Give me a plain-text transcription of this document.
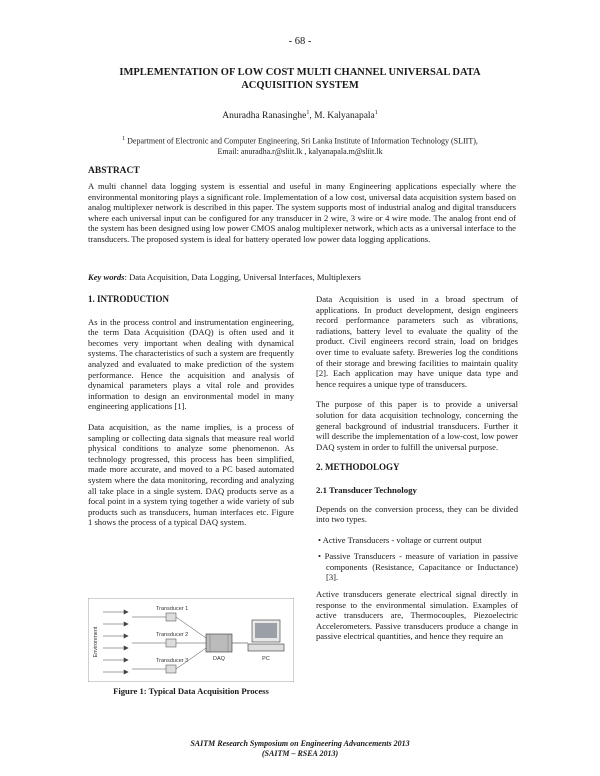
- 68 -
IMPLEMENTATION OF LOW COST MULTI CHANNEL UNIVERSAL DATA
ACQUISITION SYSTEM
Anuradha Ranasinghe$^1$, M. Kalyanapala$^1$
$^1$ Department of Electronic and Computer Engineering, Sri Lanka Institute of Information Technology (SLIIT),
Email: anuradha.r@sliit.lk , kalyanapala.m@sliit.lk
ABSTRACT
A multi channel data logging system is essential and useful in many Engineering applications especially where the environmental monitoring plays a significant role. Implementation of a low cost, universal data acquisition system based on analog multiplexer network is described in this paper. The system supports most of industrial analog and digital transducers where each universal input can be configured for any transducer in 2 wire, 3 wire or 4 wire mode. The analog front end of the system has been designed using low power CMOS analog multiplexer network, which acts as a universal interface to the transducers. The proposed system is ideal for battery operated low power data logging applications.
Key words: Data Acquisition, Data Logging, Universal Interfaces, Multiplexers
1. INTRODUCTION

As in the process control and instrumentation engineering, the term Data Acquisition (DAQ) is often used and it becomes very important when dealing with dynamical systems. The characteristics of such a system are frequently analyzed and evaluated to make prediction of the system performance. Hence the acquisition and analysis of dynamical parameters plays a vital role and provides information to design an environmental model in many engineering applications [1].

Data acquisition, as the name implies, is a process of sampling or collecting data signals that measure real world physical conditions to analyze some phenomenon. As technology progressed, this process has been simplified, made more accurate, and moved to a PC based automated system where the data monitoring, recording and analyzing all take place in a single system. DAQ products serve as a focal point in a system tying together a wide variety of sub products such as transducers, human interfaces etc. Figure 1 shows the process of a typical DAQ system.

Environment
Transducer 1
Transducer 2
Transducer 3	DAQ	PC
Figure 1: Typical Data Acquisition Process

Data Acquisition is used in a broad spectrum of applications. In product development, design engineers record performance parameters such as vibrations, radiations, battery level to evaluate the quality of the product. Civil engineers record strain, load on bridges over time to evaluate safety. Breweries log the conditions of their storage and brewing facilities to maintain quality [2]. Each application may have unique data type and hence requires a unique type of transducers.

The purpose of this paper is to provide a universal solution for data acquisition technology, concerning the general background of industrial transducers. Further it will describe the implementation of a low-cost, low power DAQ system in order to fulfill the universal purpose.

2. METHODOLOGY
2.1 Transducer Technology

Depends on the conversion process, they can be divided into two types.

• Active Transducers - voltage or current output
• Passive Transducers - measure of variation in passive components (Resistance, Capacitance or Inductance) [3].

Active transducers generate electrical signal directly in response to the environmental simulation. Examples of active transducers are, Thermocouples, Piezoelectric Accelerometers. Passive transducers produce a change in passive electrical quantities, and hence they require an

SAITM Research Symposium on Engineering Advancements 2013
(SAITM – RSEA 2013)
